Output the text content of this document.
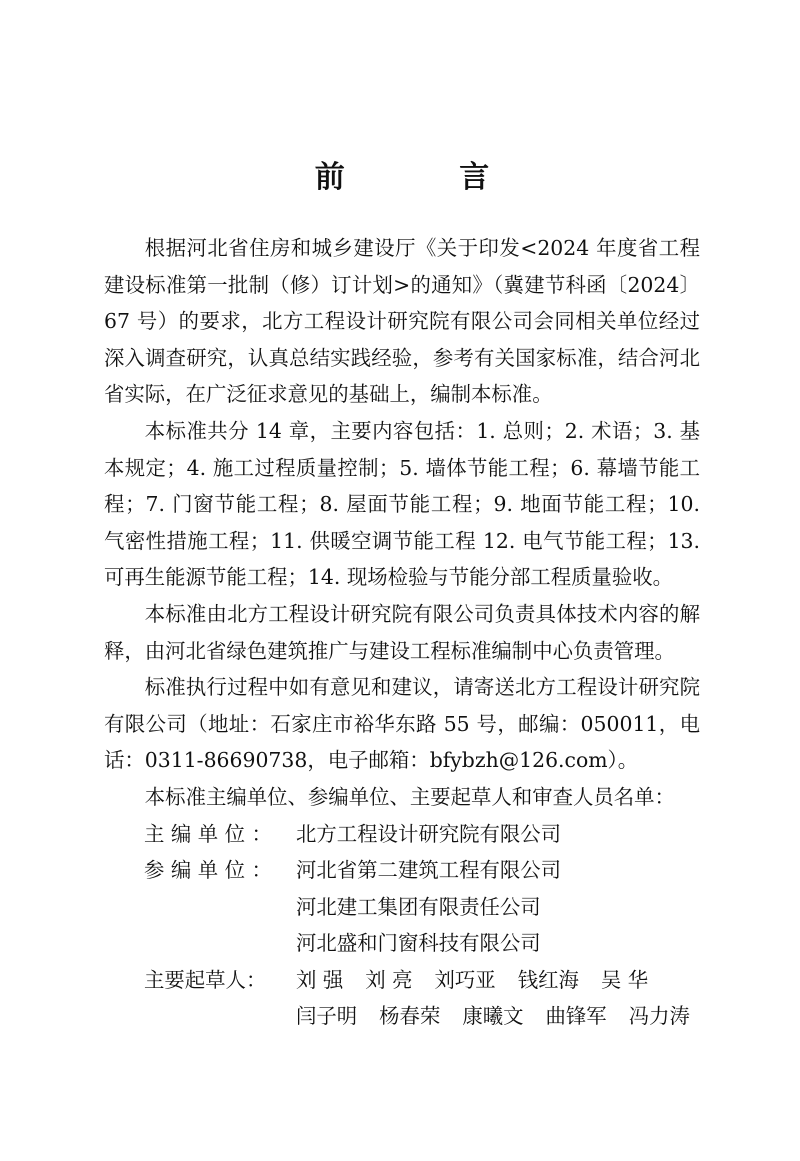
前 言

根据河北省住房和城乡建设厅《关于印发<2024 年度省工程建设标准第一批制（修）订计划>的通知》（冀建节科函〔2024〕67 号）的要求，北方工程设计研究院有限公司会同相关单位经过深入调查研究，认真总结实践经验，参考有关国家标准，结合河北省实际，在广泛征求意见的基础上，编制本标准。

本标准共分 14 章，主要内容包括：1. 总则；2. 术语；3. 基本规定；4. 施工过程质量控制；5. 墙体节能工程；6. 幕墙节能工程；7. 门窗节能工程；8. 屋面节能工程；9. 地面节能工程；10. 气密性措施工程；11. 供暖空调节能工程 12. 电气节能工程；13. 可再生能源节能工程；14. 现场检验与节能分部工程质量验收。

本标准由北方工程设计研究院有限公司负责具体技术内容的解释，由河北省绿色建筑推广与建设工程标准编制中心负责管理。

标准执行过程中如有意见和建议，请寄送北方工程设计研究院有限公司（地址：石家庄市裕华东路 55 号，邮编：050011，电话：0311-86690738，电子邮箱：bfybzh@126.com）。

本标准主编单位、参编单位、主要起草人和审查人员名单：

主 编 单 位 ：	北方工程设计研究院有限公司
参 编 单 位 ：	河北省第二建筑工程有限公司
河北建工集团有限责任公司
河北盛和门窗科技有限公司
主要起草人：	刘 强 刘 亮 刘巧亚 钱红海 吴 华
闫子明 杨春荣 康曦文 曲锋军 冯力涛
